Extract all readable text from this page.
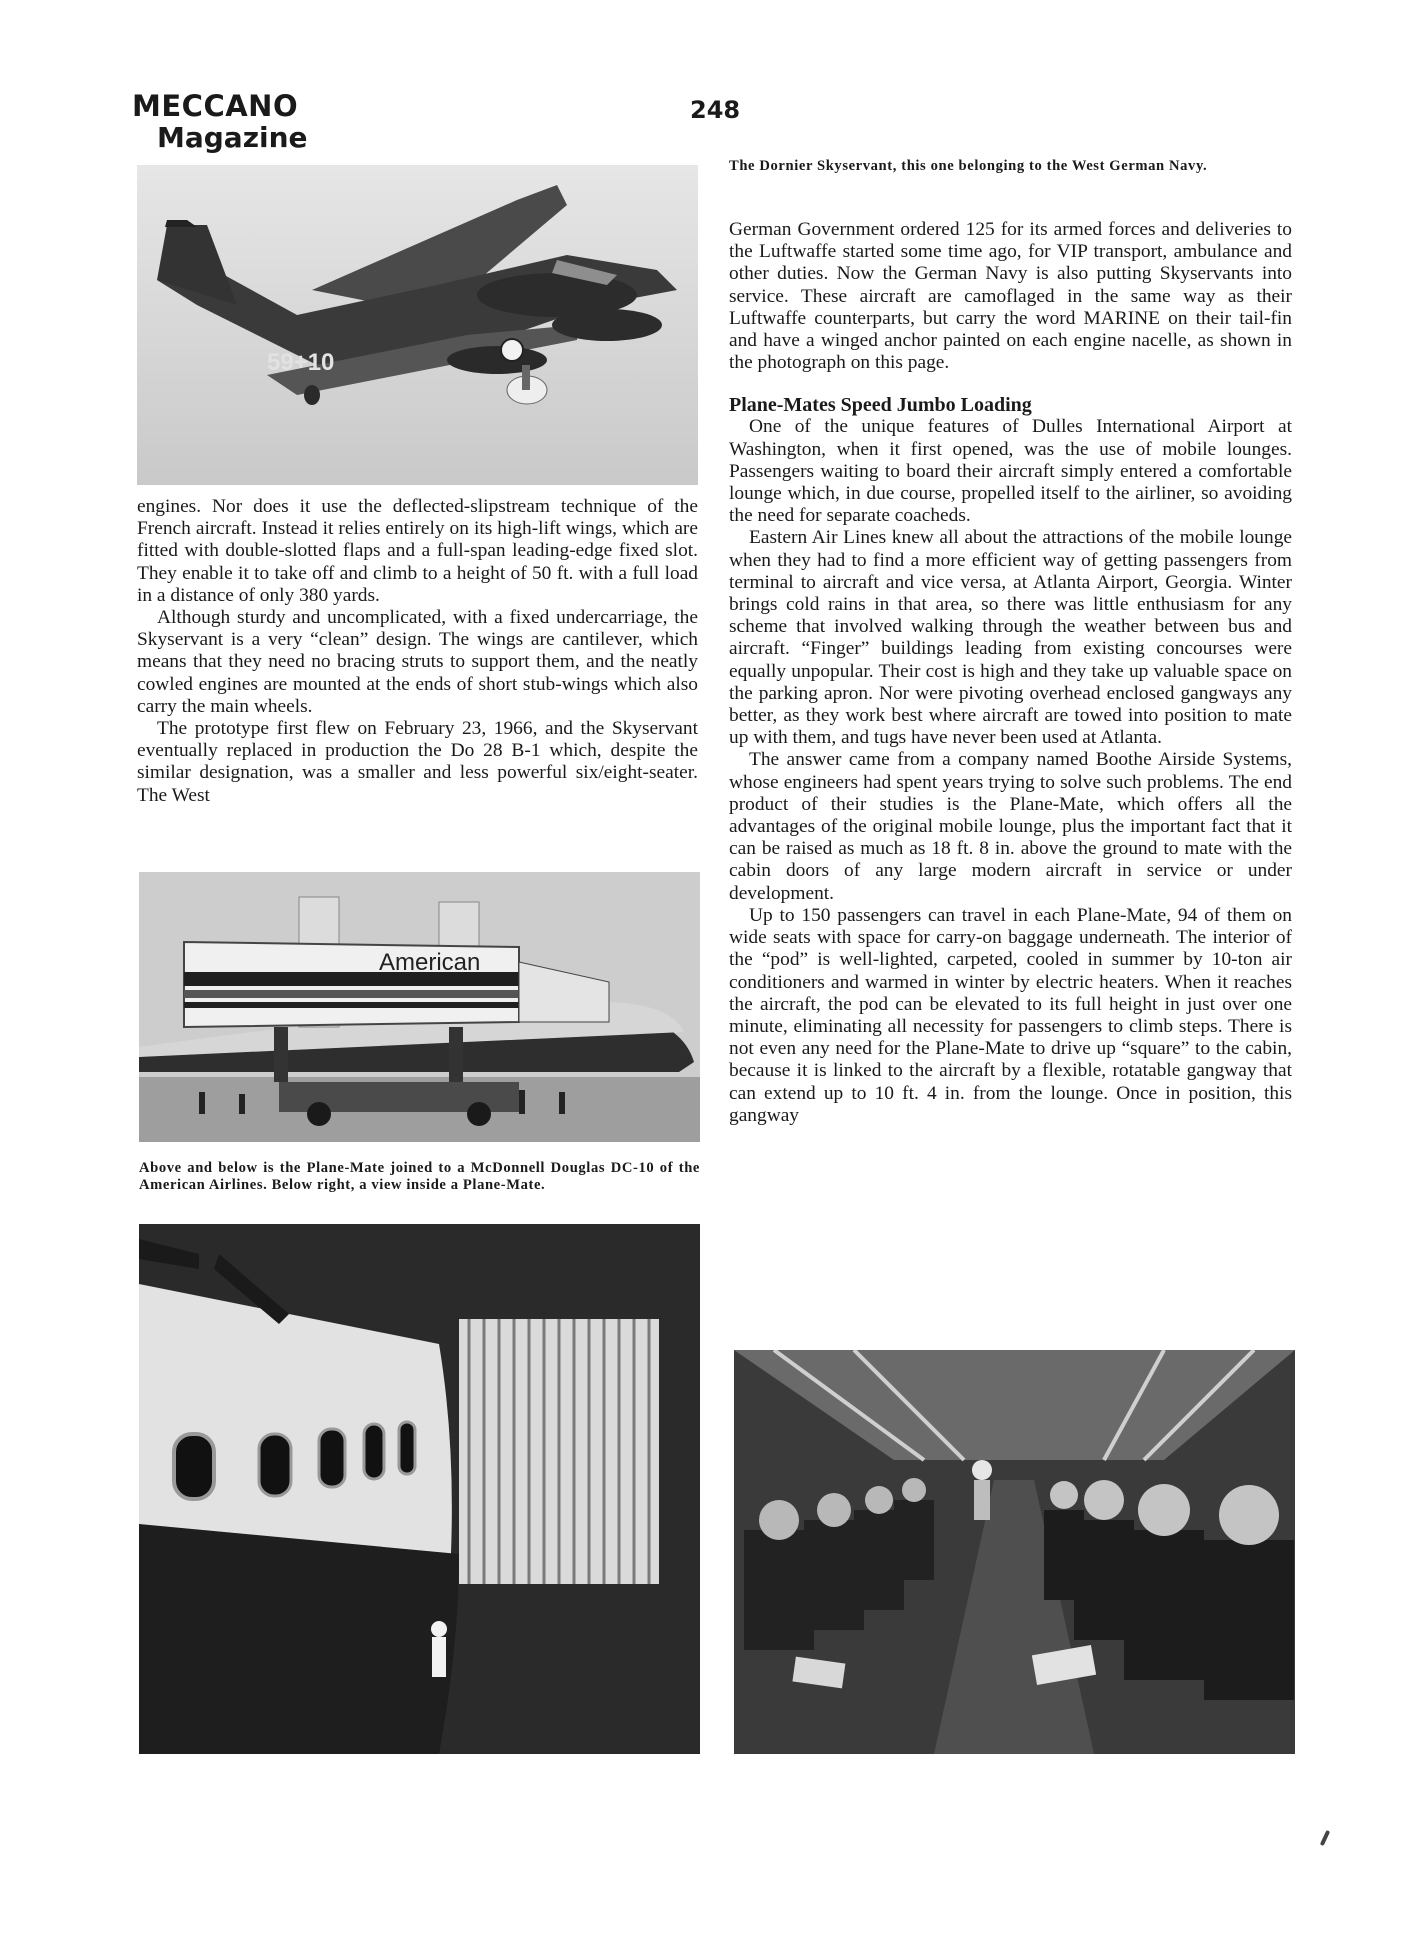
MECCANO
Magazine
248
59+10
The Dornier Skyservant, this one belonging to the West German Navy.

engines. Nor does it use the deflected-slipstream technique of the French aircraft. Instead it relies entirely on its high-lift wings, which are fitted with double-slotted flaps and a full-span leading-edge fixed slot. They enable it to take off and climb to a height of 50 ft. with a full load in a distance of only 380 yards.

Although sturdy and uncomplicated, with a fixed undercarriage, the Skyservant is a very “clean” design. The wings are cantilever, which means that they need no bracing struts to support them, and the neatly cowled engines are mounted at the ends of short stub-wings which also carry the main wheels.

The prototype first flew on February 23, 1966, and the Skyservant eventually replaced in production the Do 28 B-1 which, despite the similar designation, was a smaller and less powerful six/eight-seater. The West

American
Above and below is the Plane-Mate joined to a McDonnell Douglas DC-10 of the American Airlines. Below right, a view inside a Plane-Mate.

German Government ordered 125 for its armed forces and deliveries to the Luftwaffe started some time ago, for VIP transport, ambulance and other duties. Now the German Navy is also putting Skyservants into service. These aircraft are camoflaged in the same way as their Luftwaffe counterparts, but carry the word MARINE on their tail-fin and have a winged anchor painted on each engine nacelle, as shown in the photograph on this page.

Plane-Mates Speed Jumbo Loading

One of the unique features of Dulles International Airport at Washington, when it first opened, was the use of mobile lounges. Passengers waiting to board their aircraft simply entered a comfortable lounge which, in due course, propelled itself to the airliner, so avoiding the need for separate coacheds.

Eastern Air Lines knew all about the attractions of the mobile lounge when they had to find a more efficient way of getting passengers from terminal to aircraft and vice versa, at Atlanta Airport, Georgia. Winter brings cold rains in that area, so there was little enthusiasm for any scheme that involved walking through the weather between bus and aircraft. “Finger” buildings leading from existing concourses were equally unpopular. Their cost is high and they take up valuable space on the parking apron. Nor were pivoting overhead enclosed gangways any better, as they work best where aircraft are towed into position to mate up with them, and tugs have never been used at Atlanta.

The answer came from a company named Boothe Airside Systems, whose engineers had spent years trying to solve such problems. The end product of their studies is the Plane-Mate, which offers all the advantages of the original mobile lounge, plus the important fact that it can be raised as much as 18 ft. 8 in. above the ground to mate with the cabin doors of any large modern aircraft in service or under development.

Up to 150 passengers can travel in each Plane-Mate, 94 of them on wide seats with space for carry-on baggage underneath. The interior of the “pod” is well-lighted, carpeted, cooled in summer by 10-ton air conditioners and warmed in winter by electric heaters. When it reaches the aircraft, the pod can be elevated to its full height in just over one minute, eliminating all necessity for passengers to climb steps. There is not even any need for the Plane-Mate to drive up “square” to the cabin, because it is linked to the aircraft by a flexible, rotatable gangway that can extend up to 10 ft. 4 in. from the lounge. Once in position, this gangway
